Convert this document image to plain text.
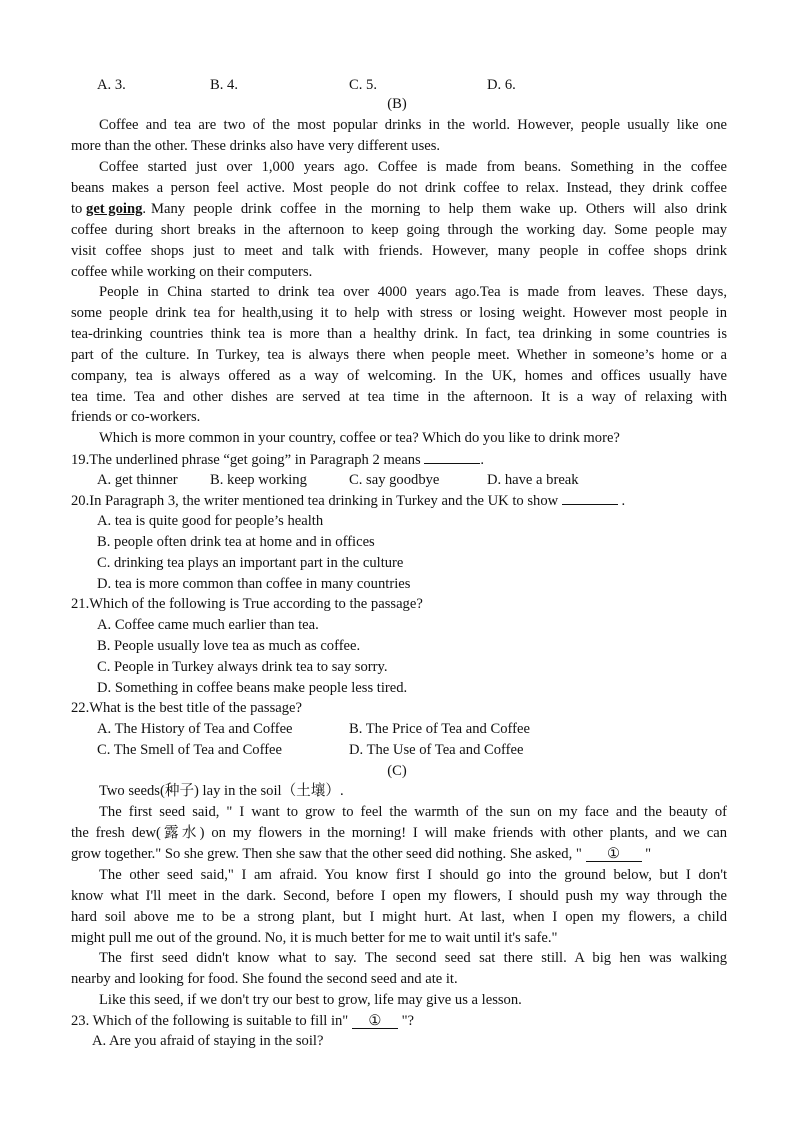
A. 3.	B. 4.	C. 5.	D. 6.
(B)
Coffee and tea are two of the most popular drinks in the world. However, people usually like one
more than the other. These drinks also have very different uses.
Coffee started just over 1,000 years ago. Coffee is made from beans. Something in the coffee
beans makes a person feel active. Most people do not drink coffee to relax. Instead, they drink coffee
to get going. Many people drink coffee in the morning to help them wake up. Others will also drink
coffee during short breaks in the afternoon to keep going through the working day. Some people may
visit coffee shops just to meet and talk with friends. However, many people in coffee shops drink
coffee while working on their computers.
People in China started to drink tea over 4000 years ago.Tea is made from leaves. These days,
some people drink tea for health,using it to help with stress or losing weight. However most people in
tea-drinking countries think tea is more than a healthy drink. In fact, tea drinking in some countries is
part of the culture. In Turkey, tea is always there when people meet. Whether in someone’s home or a
company, tea is always offered as a way of welcoming. In the UK, homes and offices usually have
tea time. Tea and other dishes are served at tea time in the afternoon. It is a way of relaxing with
friends or co-workers.
Which is more common in your country, coffee or tea? Which do you like to drink more?
19.The underlined phrase “get going” in Paragraph 2 means	.
A. get thinner B. keep working	C. say goodbye	D. have a break
20.In Paragraph 3, the writer mentioned tea drinking in Turkey and the UK to show	.
A. tea is quite good for people’s health
B. people often drink tea at home and in offices
C. drinking tea plays an important part in the culture
D. tea is more common than coffee in many countries
21.Which of the following is True according to the passage?
A. Coffee came much earlier than tea.
B. People usually love tea as much as coffee.
C. People in Turkey always drink tea to say sorry.
D. Something in coffee beans make people less tired.
22.What is the best title of the passage?
A. The History of Tea and Coffee	B. The Price of Tea and Coffee
C. The Smell of Tea and Coffee	D. The Use of Tea and Coffee
(C)
Two seeds(种子) lay in the soil（土壤）.
The first seed said, " I want to grow to feel the warmth of the sun on my face and the beauty of
the fresh dew(露水) on my flowers in the morning! I will make friends with other plants, and we can
grow together." So she grew. Then she saw that the other seed did nothing. She asked, " ① "
The other seed said," I am afraid. You know first I should go into the ground below, but I don't
know what I'll meet in the dark. Second, before I open my flowers, I should push my way through the
hard soil above me to be a strong plant, but I might hurt. At last, when I open my flowers, a child
might pull me out of the ground. No, it is much better for me to wait until it's safe."
The first seed didn't know what to say. The second seed sat there still. A big hen was walking
nearby and looking for food. She found the second seed and ate it.
Like this seed, if we don't try our best to grow, life may give us a lesson.
23. Which of the following is suitable to fill in" ① "?
A. Are you afraid of staying in the soil?
